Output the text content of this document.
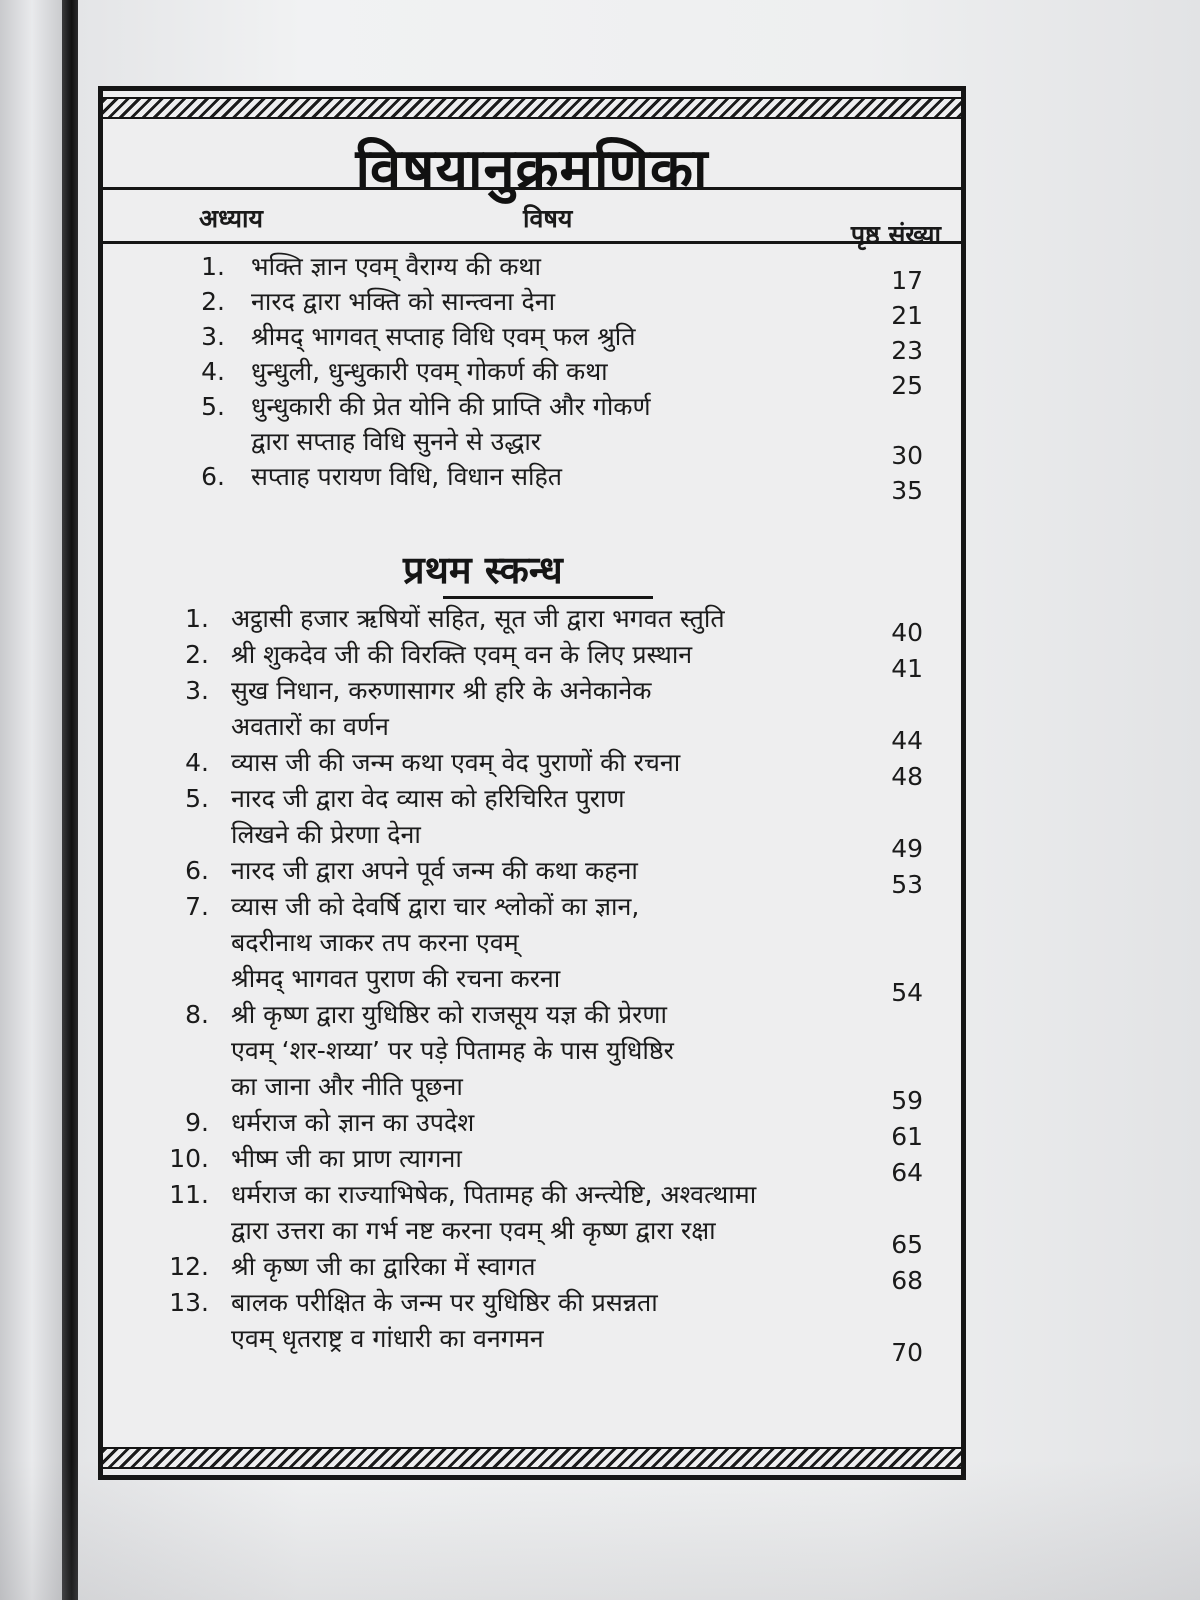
विषयानुक्रमणिका
अध्याय	विषय
पृष्ठ संख्या
1. भक्ति ज्ञान एवम् वैराग्य की कथा	17
2. नारद द्वारा भक्ति को सान्त्वना देना	21
3. श्रीमद् भागवत् सप्ताह विधि एवम् फल श्रुति	23
4. धुन्धुली, धुन्धुकारी एवम् गोकर्ण की कथा	25
5. धुन्धुकारी की प्रेत योनि की प्राप्ति और गोकर्ण
द्वारा सप्ताह विधि सुनने से उद्धार	30
6. सप्ताह परायण विधि, विधान सहित	35
प्रथम स्कन्ध
1. अट्ठासी हजार ऋषियों सहित, सूत जी द्वारा भगवत स्तुति	40
2. श्री शुकदेव जी की विरक्ति एवम् वन के लिए प्रस्थान	41
3. सुख निधान, करुणासागर श्री हरि के अनेकानेक
अवतारों का वर्णन	44
4. व्यास जी की जन्म कथा एवम् वेद पुराणों की रचना	48
5. नारद जी द्वारा वेद व्यास को हरिचिरित पुराण
लिखने की प्रेरणा देना	49
6. नारद जी द्वारा अपने पूर्व जन्म की कथा कहना	53
7. व्यास जी को देवर्षि द्वारा चार श्लोकों का ज्ञान,
बदरीनाथ जाकर तप करना एवम्
श्रीमद् भागवत पुराण की रचना करना	54
8. श्री कृष्ण द्वारा युधिष्ठिर को राजसूय यज्ञ की प्रेरणा
एवम् ‘शर-शय्या’ पर पड़े पितामह के पास युधिष्ठिर
का जाना और नीति पूछना	59
9. धर्मराज को ज्ञान का उपदेश	61
10. भीष्म जी का प्राण त्यागना	64
11. धर्मराज का राज्याभिषेक, पितामह की अन्त्येष्टि, अश्वत्थामा
द्वारा उत्तरा का गर्भ नष्ट करना एवम् श्री कृष्ण द्वारा रक्षा	65
12. श्री कृष्ण जी का द्वारिका में स्वागत	68
13. बालक परीक्षित के जन्म पर युधिष्ठिर की प्रसन्नता
एवम् धृतराष्ट्र व गांधारी का वनगमन	70
